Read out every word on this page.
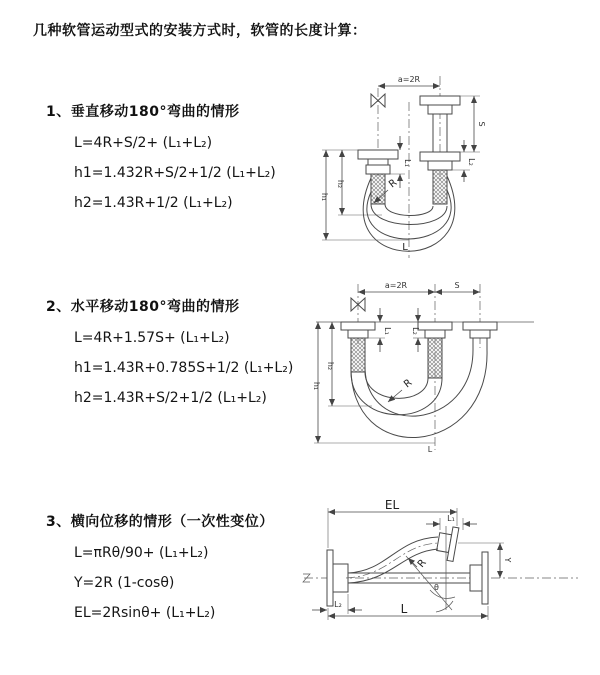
几种软管运动型式的安装方式时，软管的长度计算：
1、垂直移动180°弯曲的情形
L=4R+S/2+ (L₁+L₂)
h1=1.432R+S/2+1/2 (L₁+L₂)
h2=1.43R+1/2 (L₁+L₂)
2、水平移动180°弯曲的情形
L=4R+1.57S+ (L₁+L₂)
h1=1.43R+0.785S+1/2 (L₁+L₂)
h2=1.43R+S/2+1/2 (L₁+L₂)
3、横向位移的情形（一次性变位）
L=πRθ/90+ (L₁+L₂)
Y=2R (1-cosθ)
EL=2Rsinθ+ (L₁+L₂)
a=2R
S
L₂
L₁
h₂
h₁
R
L
a=2R	S
L₁ L₂
h₂
h₁	R
L
θ
R
EL
L₁
Y
L₂	L
